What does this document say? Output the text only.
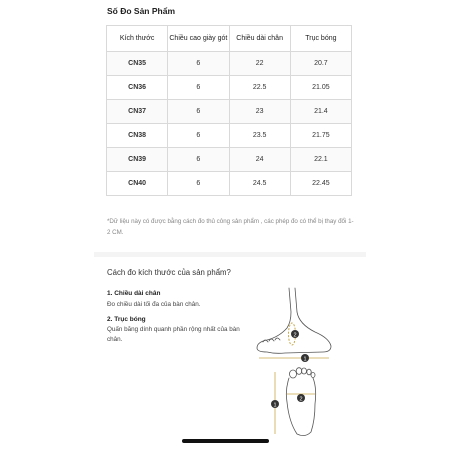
Số Đo Sản Phẩm
Kích thước	Chiều cao giày gót	Chiều dài chân	Trục bóng
CN35	6	22	20.7
CN36	6	22.5	21.05
CN37	6	23	21.4
CN38	6	23.5	21.75
CN39	6	24	22.1
CN40	6	24.5	22.45
*Dữ liệu này có được bằng cách đo thủ công sản phẩm , các phép đo có thể bị thay đổi 1-2 CM.
Cách đo kích thước của sản phẩm?
1. Chiều dài chân
Đo chiều dài tối đa của bàn chân.
2. Trục bóng
Quấn băng dính quanh phần rộng nhất của bàn chân.
2
1
1
2
